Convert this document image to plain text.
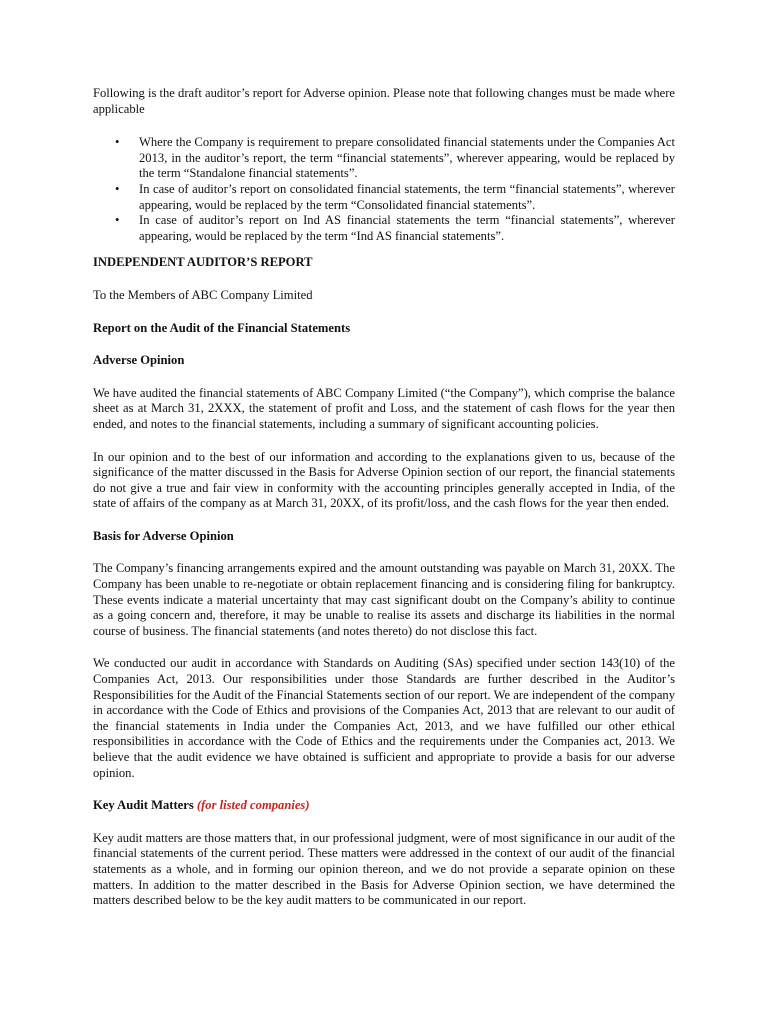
Following is the draft auditor’s report for Adverse opinion. Please note that following changes must be made where applicable

• Where the Company is requirement to prepare consolidated financial statements under the Companies Act 2013, in the auditor’s report, the term “financial statements”, wherever appearing, would be replaced by the term “Standalone financial statements”.
• In case of auditor’s report on consolidated financial statements, the term “financial statements”, wherever appearing, would be replaced by the term “Consolidated financial statements”.
• In case of auditor’s report on Ind AS financial statements the term “financial statements”, wherever appearing, would be replaced by the term “Ind AS financial statements”.
INDEPENDENT AUDITOR’S REPORT

To the Members of ABC Company Limited

Report on the Audit of the Financial Statements
Adverse Opinion

We have audited the financial statements of ABC Company Limited (“the Company”), which comprise the balance sheet as at March 31, 2XXX, the statement of profit and Loss, and the statement of cash flows for the year then ended, and notes to the financial statements, including a summary of significant accounting policies.

In our opinion and to the best of our information and according to the explanations given to us, because of the significance of the matter discussed in the Basis for Adverse Opinion section of our report, the financial statements do not give a true and fair view in conformity with the accounting principles generally accepted in India, of the state of affairs of the company as at March 31, 20XX, of its profit/loss, and the cash flows for the year then ended.

Basis for Adverse Opinion

The Company’s financing arrangements expired and the amount outstanding was payable on March 31, 20XX. The Company has been unable to re-negotiate or obtain replacement financing and is considering filing for bankruptcy. These events indicate a material uncertainty that may cast significant doubt on the Company’s ability to continue as a going concern and, therefore, it may be unable to realise its assets and discharge its liabilities in the normal course of business. The financial statements (and notes thereto) do not disclose this fact.

We conducted our audit in accordance with Standards on Auditing (SAs) specified under section 143(10) of the Companies Act, 2013. Our responsibilities under those Standards are further described in the Auditor’s Responsibilities for the Audit of the Financial Statements section of our report. We are independent of the company in accordance with the Code of Ethics and provisions of the Companies Act, 2013 that are relevant to our audit of the financial statements in India under the Companies Act, 2013, and we have fulfilled our other ethical responsibilities in accordance with the Code of Ethics and the requirements under the Companies act, 2013. We believe that the audit evidence we have obtained is sufficient and appropriate to provide a basis for our adverse opinion.

Key Audit Matters (for listed companies)

Key audit matters are those matters that, in our professional judgment, were of most significance in our audit of the financial statements of the current period. These matters were addressed in the context of our audit of the financial statements as a whole, and in forming our opinion thereon, and we do not provide a separate opinion on these matters. In addition to the matter described in the Basis for Adverse Opinion section, we have determined the matters described below to be the key audit matters to be communicated in our report.
